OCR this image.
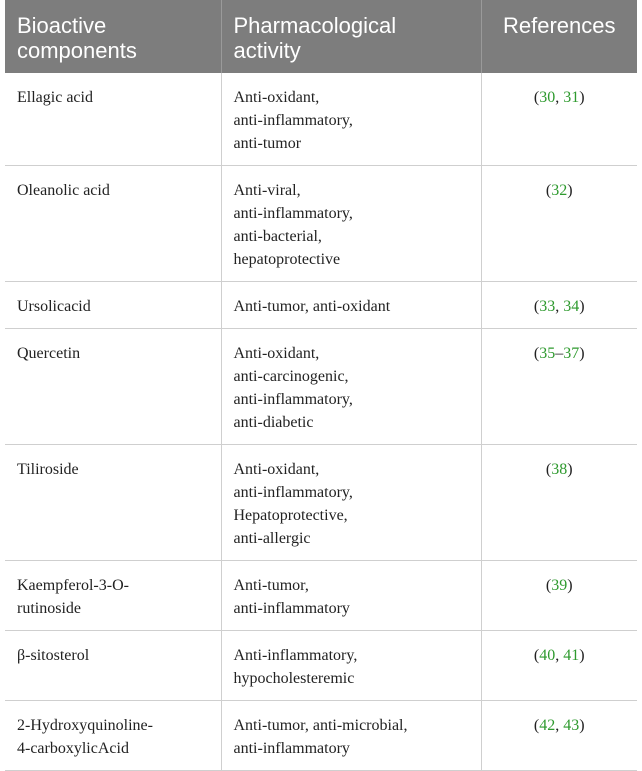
Bioactive
components	Pharmacological
activity	References

Ellagic acid	Anti-oxidant,
anti-inflammatory,
anti-tumor	(30, 31)

Oleanolic acid	Anti-viral,
anti-inflammatory,
anti-bacterial,
hepatoprotective	(32)

Ursolicacid	Anti-tumor, anti-oxidant	(33, 34)

Quercetin	Anti-oxidant,
anti-carcinogenic,
anti-inflammatory,
anti-diabetic	(35–37)

Tiliroside	Anti-oxidant,
anti-inflammatory,
Hepatoprotective,
anti-allergic	(38)

Kaempferol-3-O-
rutinoside	Anti-tumor,
anti-inflammatory	(39)

β-sitosterol	Anti-inflammatory,
hypocholesteremic	(40, 41)

2-Hydroxyquinoline-
4-carboxylicAcid	Anti-tumor, anti-microbial,
anti-inflammatory	(42, 43)
